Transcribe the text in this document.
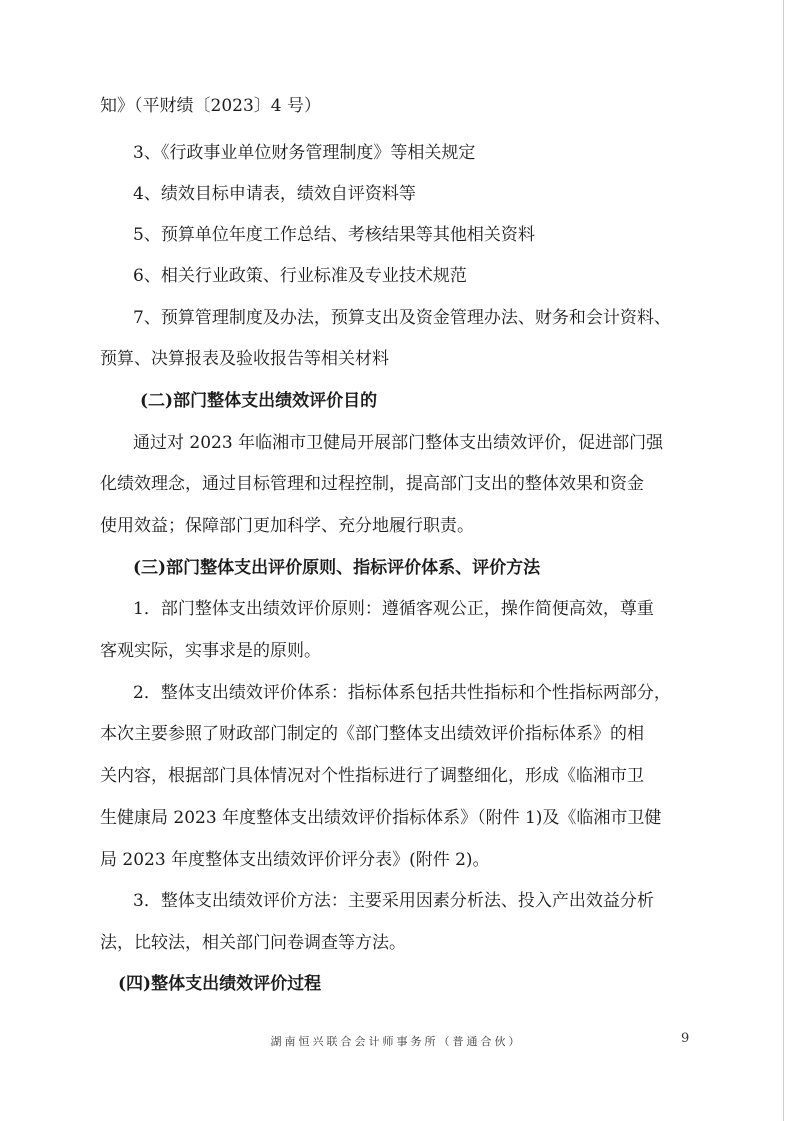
知》（平财绩〔2023〕4 号）
3、《行政事业单位财务管理制度》等相关规定
4、绩效目标申请表，绩效自评资料等
5、预算单位年度工作总结、考核结果等其他相关资料
6、相关行业政策、行业标准及专业技术规范
7、预算管理制度及办法，预算支出及资金管理办法、财务和会计资料、
预算、决算报表及验收报告等相关材料
(二)部门整体支出绩效评价目的
通过对 2023 年临湘市卫健局开展部门整体支出绩效评价，促进部门强
化绩效理念，通过目标管理和过程控制，提高部门支出的整体效果和资金
使用效益；保障部门更加科学、充分地履行职责。
(三)部门整体支出评价原则、指标评价体系、评价方法
1．部门整体支出绩效评价原则：遵循客观公正，操作简便高效，尊重
客观实际，实事求是的原则。
2．整体支出绩效评价体系：指标体系包括共性指标和个性指标两部分，
本次主要参照了财政部门制定的《部门整体支出绩效评价指标体系》的相
关内容，根据部门具体情况对个性指标进行了调整细化，形成《临湘市卫
生健康局 2023 年度整体支出绩效评价指标体系》（附件 1)及《临湘市卫健
局 2023 年度整体支出绩效评价评分表》(附件 2)。
3．整体支出绩效评价方法：主要采用因素分析法、投入产出效益分析
法，比较法，相关部门问卷调查等方法。
(四)整体支出绩效评价过程
湖南恒兴联合会计师事务所（普通合伙）	9
